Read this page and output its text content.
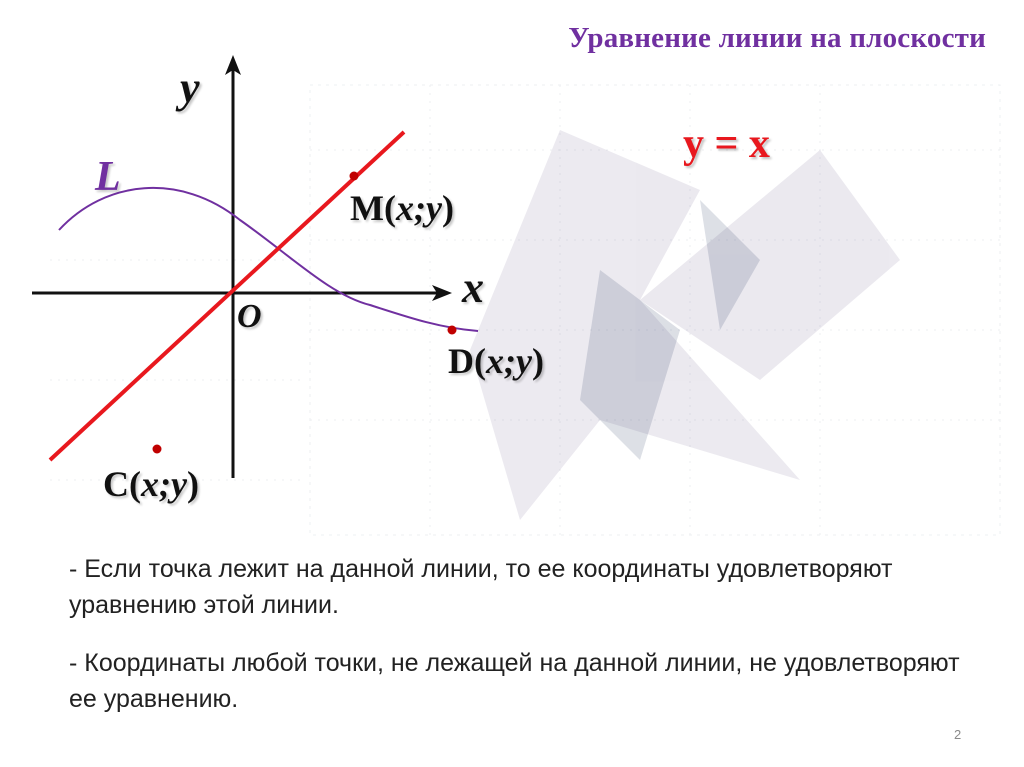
Уравнение линии на плоскости
y = x
y
x
O
L
M(x;y)
D(x;y)
C(x;y)
- Если точка лежит на данной линии, то ее координаты удовлетворяют уравнению этой линии.
- Координаты любой точки, не лежащей на данной линии, не удовлетворяют ее уравнению.
2
